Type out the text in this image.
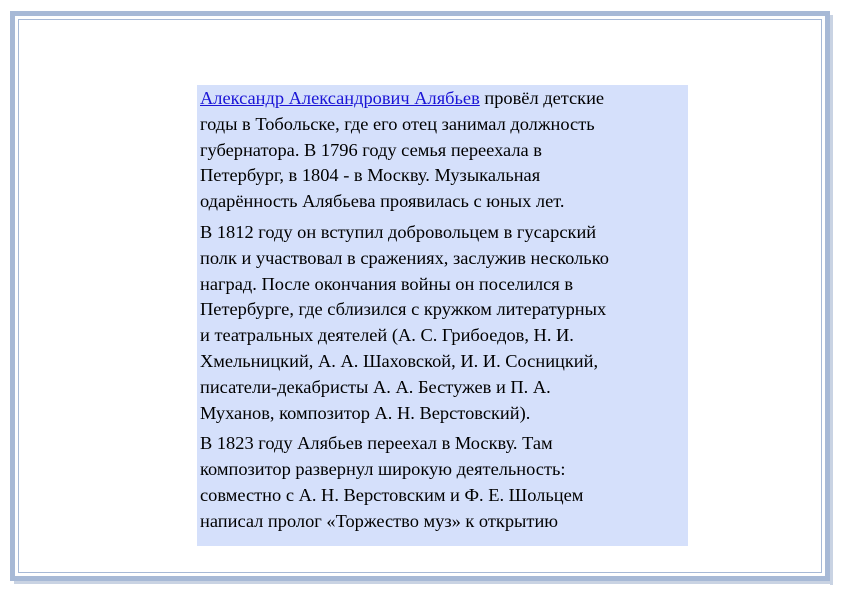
Александр Александрович Алябьев провёл детские
годы в Тобольске, где его отец занимал должность
губернатора. В 1796 году семья переехала в
Петербург, в 1804 - в Москву. Музыкальная
одарённость Алябьева проявилась с юных лет.

В 1812 году он вступил добровольцем в гусарский
полк и участвовал в сражениях, заслужив несколько
наград. После окончания войны он поселился в
Петербурге, где сблизился с кружком литературных
и театральных деятелей (А. С. Грибоедов, Н. И.
Хмельницкий, А. А. Шаховской, И. И. Сосницкий,
писатели-декабристы А. А. Бестужев и П. А.
Муханов, композитор А. Н. Верстовский).

В 1823 году Алябьев переехал в Москву. Там
композитор развернул широкую деятельность:
совместно с А. Н. Верстовским и Ф. Е. Шольцем
написал пролог «Торжество муз» к открытию
